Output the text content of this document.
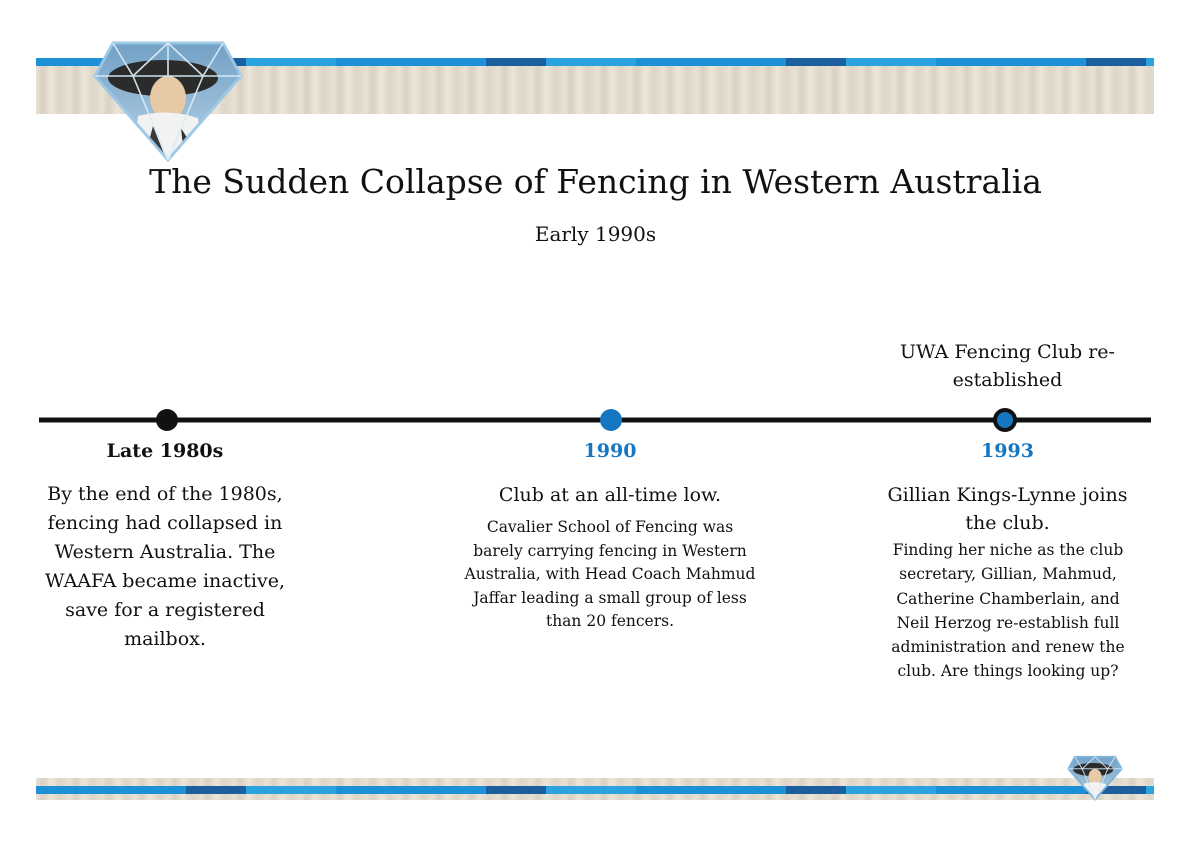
The Sudden Collapse of Fencing in Western Australia

Early 1990s

UWA Fencing Club re-established
Late 1980s	1990	1993
By the end of the 1980s, fencing had collapsed in Western Australia. The WAAFA became inactive, save for a registered mailbox.
Club at an all-time low.
Cavalier School of Fencing was barely carrying fencing in Western Australia, with Head Coach Mahmud Jaffar leading a small group of less than 20 fencers.
Gillian Kings-Lynne joins the club.
Finding her niche as the club secretary, Gillian, Mahmud, Catherine Chamberlain, and Neil Herzog re-establish full administration and renew the club. Are things looking up?
